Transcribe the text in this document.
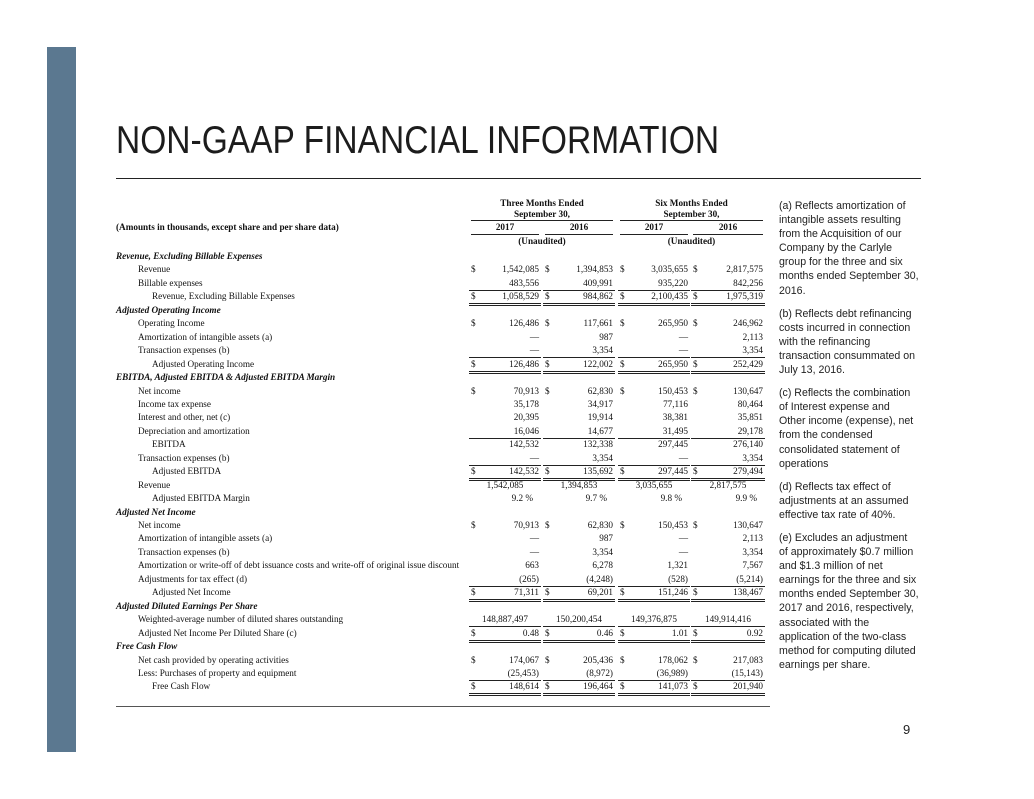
NON-GAAP FINANCIAL INFORMATION
Three Months Ended
September 30,
Six Months Ended
September 30,
(Amounts in thousands, except share and per share data)	2017	2016	2017	2016
(Unaudited)	(Unaudited)
Revenue, Excluding Billable Expenses
Revenue	$	1,542,085 $	1,394,853 $	3,035,655 $	2,817,575
Billable expenses	483,556	409,991	935,220	842,256
Revenue, Excluding Billable Expenses	$	1,058,529 $	984,862 $	2,100,435 $	1,975,319
Adjusted Operating Income
Operating Income	$	126,486 $	117,661 $	265,950 $	246,962
Amortization of intangible assets (a)	—	987	—	2,113
Transaction expenses (b)	—	3,354	—	3,354
Adjusted Operating Income	$	126,486 $	122,002 $	265,950 $	252,429
EBITDA, Adjusted EBITDA & Adjusted EBITDA Margin
Net income	$	70,913 $	62,830 $	150,453 $	130,647
Income tax expense	35,178	34,917	77,116	80,464
Interest and other, net (c)	20,395	19,914	38,381	35,851
Depreciation and amortization	16,046	14,677	31,495	29,178
EBITDA	142,532	132,338	297,445	276,140
Transaction expenses (b)	—	3,354	—	3,354
Adjusted EBITDA	$	142,532 $	135,692 $	297,445 $	279,494
Revenue	1,542,085	1,394,853	3,035,655	2,817,575
Adjusted EBITDA Margin	9.2 %	9.7 %	9.8 %	9.9 %
Adjusted Net Income
Net income	$	70,913 $	62,830 $	150,453 $	130,647
Amortization of intangible assets (a)	—	987	—	2,113
Transaction expenses (b)	—	3,354	—	3,354
Amortization or write-off of debt issuance costs and write-off of original issue discount	663	6,278	1,321	7,567
Adjustments for tax effect (d)	(265)	(4,248)	(528)	(5,214)
Adjusted Net Income	$	71,311 $	69,201 $	151,246 $	138,467
Adjusted Diluted Earnings Per Share
Weighted-average number of diluted shares outstanding	148,887,497	150,200,454	149,376,875	149,914,416
Adjusted Net Income Per Diluted Share (c)	$	0.48 $	0.46 $	1.01 $	0.92
Free Cash Flow
Net cash provided by operating activities	$	174,067 $	205,436 $	178,062 $	217,083
Less: Purchases of property and equipment	(25,453)	(8,972)	(36,989)	(15,143)
Free Cash Flow	$	148,614 $	196,464 $	141,073 $	201,940

(a) Reflects amortization of intangible assets resulting from the Acquisition of our Company by the Carlyle group for the three and six months ended September 30, 2016.

(b) Reflects debt refinancing costs incurred in connection with the refinancing transaction consummated on July 13, 2016.

(c) Reflects the combination of Interest expense and Other income (expense), net from the condensed consolidated statement of operations

(d) Reflects tax effect of adjustments at an assumed effective tax rate of 40%.

(e) Excludes an adjustment of approximately $0.7 million and $1.3 million of net earnings for the three and six months ended September 30, 2017 and 2016, respectively, associated with the application of the two-class method for computing diluted earnings per share.

9
